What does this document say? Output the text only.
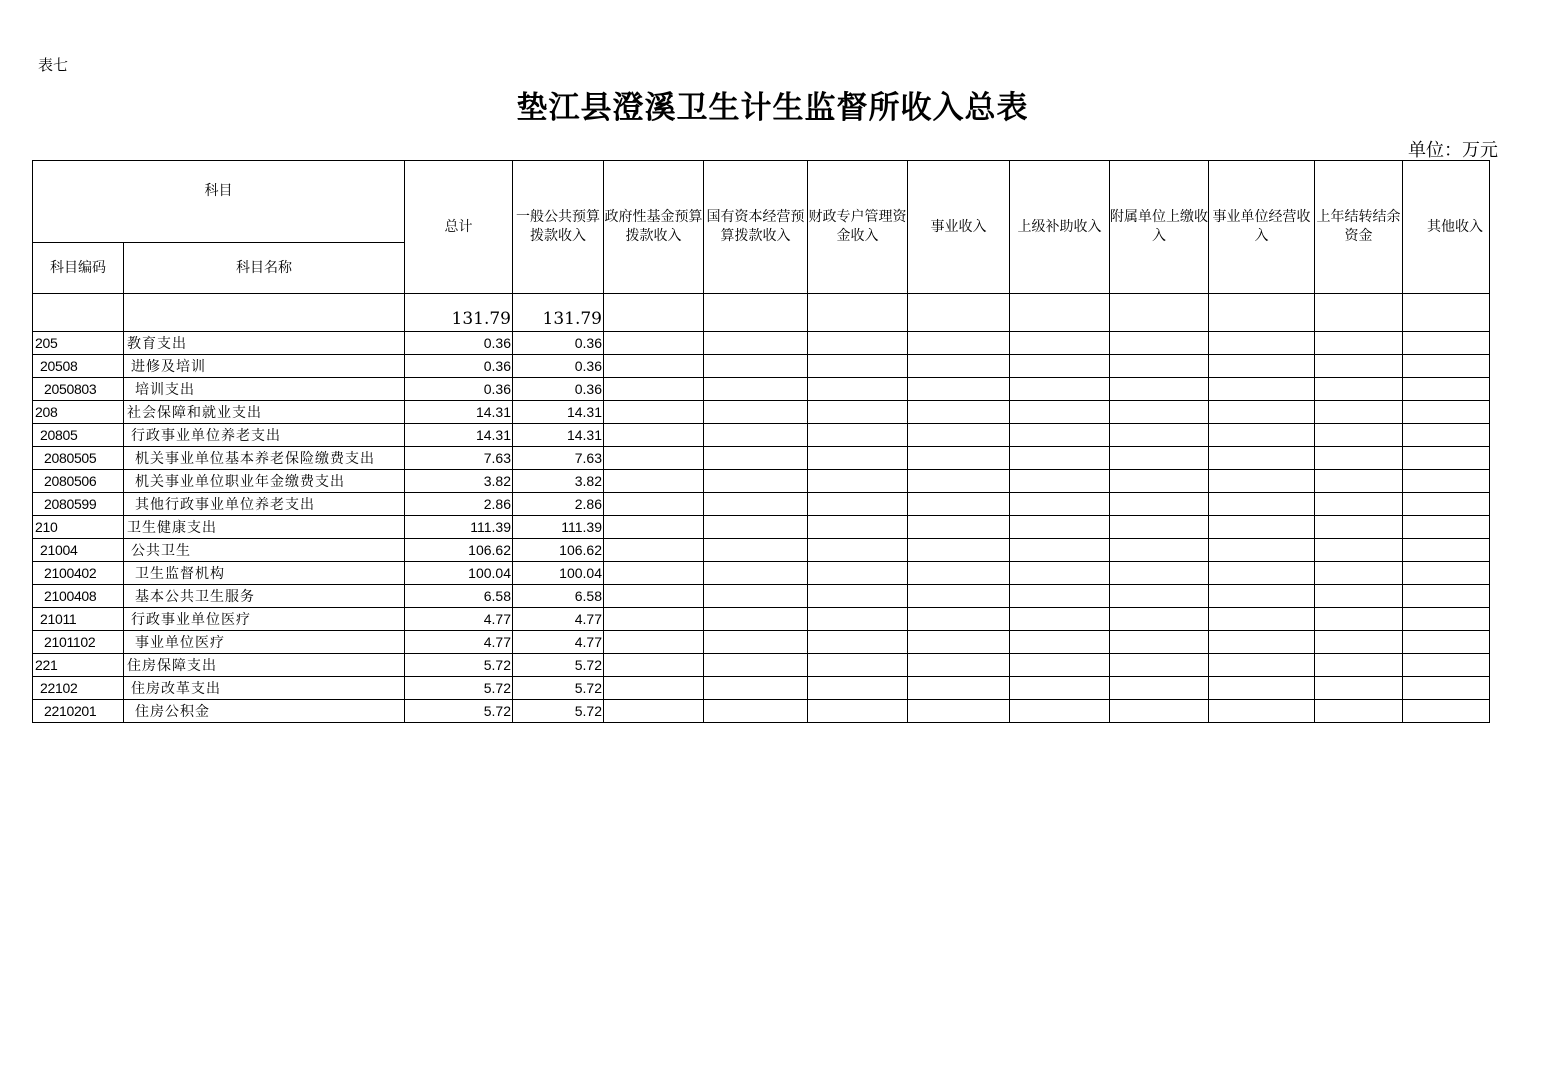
表七
垫江县澄溪卫生计生监督所收入总表
单位：万元
科目		总计	一般公共预算拨款收入	政府性基金预算拨款收入	国有资本经营预算拨款收入	财政专户管理资金收入	事业收入	上级补助收入	附属单位上缴收入	事业单位经营收入	上年结转结余资金	其他收入
科目编码	科目名称											
		131.79	131.79									
205	教育支出	0.36	0.36									
20508	进修及培训	0.36	0.36									
2050803	培训支出	0.36	0.36									
208	社会保障和就业支出	14.31	14.31									
20805	行政事业单位养老支出	14.31	14.31									
2080505	机关事业单位基本养老保险缴费支出	7.63	7.63									
2080506	机关事业单位职业年金缴费支出	3.82	3.82									
2080599	其他行政事业单位养老支出	2.86	2.86									
210	卫生健康支出	111.39	111.39									
21004	公共卫生	106.62	106.62									
2100402	卫生监督机构	100.04	100.04									
2100408	基本公共卫生服务	6.58	6.58									
21011	行政事业单位医疗	4.77	4.77									
2101102	事业单位医疗	4.77	4.77									
221	住房保障支出	5.72	5.72									
22102	住房改革支出	5.72	5.72									
2210201	住房公积金	5.72	5.72									
